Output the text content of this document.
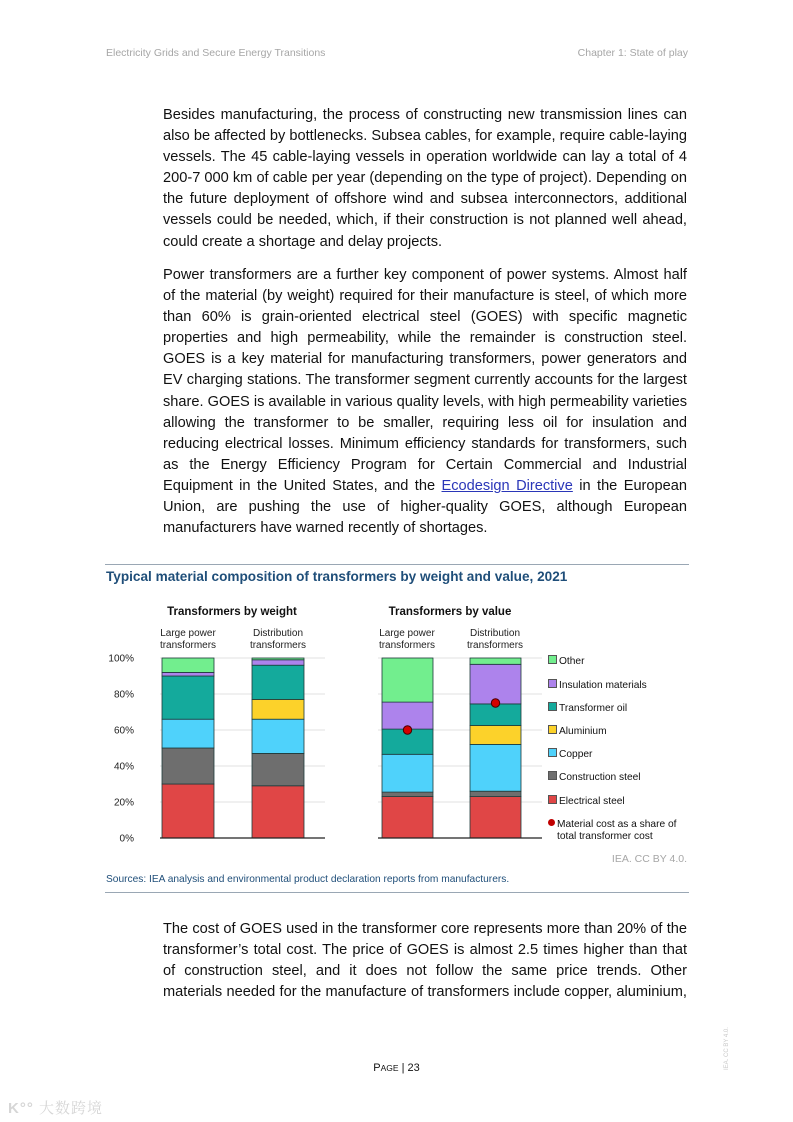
Electricity Grids and Secure Energy Transitions	Chapter 1: State of play

Besides manufacturing, the process of constructing new transmission lines can also be affected by bottlenecks. Subsea cables, for example, require cable-laying vessels. The 45 cable-laying vessels in operation worldwide can lay a total of 4 200-7 000 km of cable per year (depending on the type of project). Depending on the future deployment of offshore wind and subsea interconnectors, additional vessels could be needed, which, if their construction is not planned well ahead, could create a shortage and delay projects.

Power transformers are a further key component of power systems. Almost half of the material (by weight) required for their manufacture is steel, of which more than 60% is grain-oriented electrical steel (GOES) with specific magnetic properties and high permeability, while the remainder is construction steel. GOES is a key material for manufacturing transformers, power generators and EV charging stations. The transformer segment currently accounts for the largest share. GOES is available in various quality levels, with high permeability varieties allowing the transformer to be smaller, requiring less oil for insulation and reducing electrical losses. Minimum efficiency standards for transformers, such as the Energy Efficiency Program for Certain Commercial and Industrial Equipment in the United States, and the Ecodesign Directive in the European Union, are pushing the use of higher-quality GOES, although European manufacturers have warned recently of shortages.

Typical material composition of transformers by weight and value, 2021
0%
20%
40%
60%
80%
100%
Transformers by weight
Large power
transformers
Distribution
transformers
Transformers by value
Large power
transformers
Distribution
transformers
Other
Insulation materials
Transformer oil
Aluminium
Copper
Construction steel
Electrical steel
Material cost as a share of
total transformer cost
IEA. CC BY 4.0.
Sources: IEA analysis and environmental product declaration reports from manufacturers.

The cost of GOES used in the transformer core represents more than 20% of the transformer’s total cost. The price of GOES is almost 2.5 times higher than that of construction steel, and it does not follow the same price trends. Other materials needed for the manufacture of transformers include copper, aluminium,

PAGE | 23	IEA. CC BY 4.0.
K°° 大数跨境
